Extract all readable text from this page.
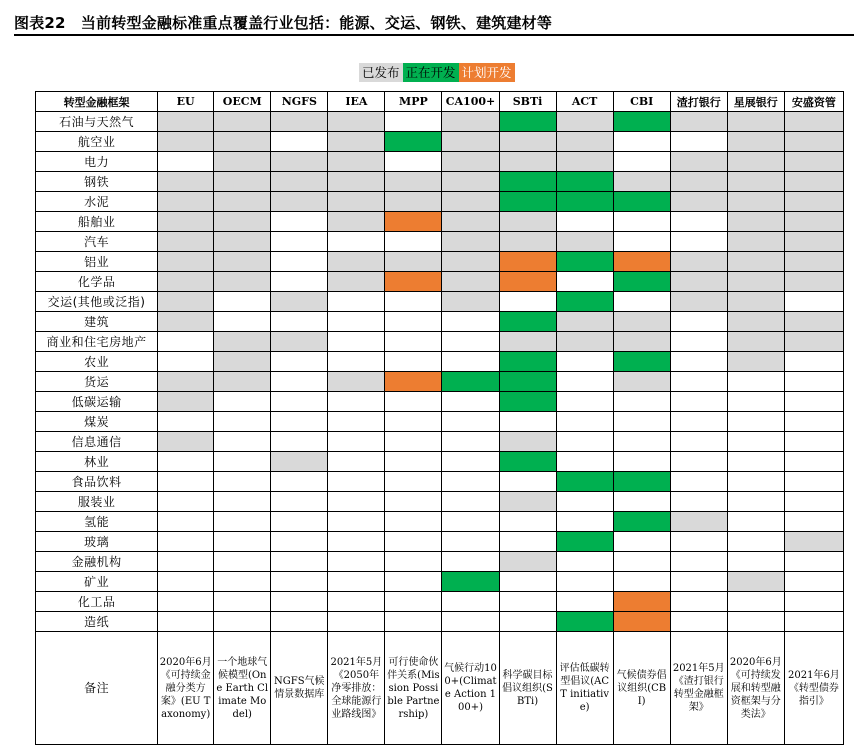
图表22　当前转型金融标准重点覆盖行业包括：能源、交运、钢铁、建筑建材等
已发布 正在开发 计划开发
转型金融框架	EU	OECM	NGFS	IEA	MPP	CA100+	SBTi	ACT	CBI	渣打银行	星展银行	安盛资管
石油与天然气												
航空业												
电力												
钢铁												
水泥												
船舶业												
汽车												
铝业												
化学品												
交运(其他或泛指)												
建筑												
商业和住宅房地产												
农业												
货运												
低碳运输												
煤炭												
信息通信												
林业												
食品饮料												
服装业												
氢能												
玻璃												
金融机构												
矿业												
化工品												
造纸												
备注	2020年6月《可持续金融分类方案》(EU Taxonomy)	一个地球气候模型(One Earth Climate Model)	NGFS气候情景数据库	2021年5月《2050年净零排放：全球能源行业路线图》	可行使命伙伴关系(Mission Possible Partnership)	气候行动100+(Climate Action 100+)	科学碳目标倡议组织(SBTi)	评估低碳转型倡议(ACT initiative)	气候债券倡议组织(CBI)	2021年5月《渣打银行转型金融框架》	2020年6月《可持续发展和转型融资框架与分类法》	2021年6月《转型债券指引》
